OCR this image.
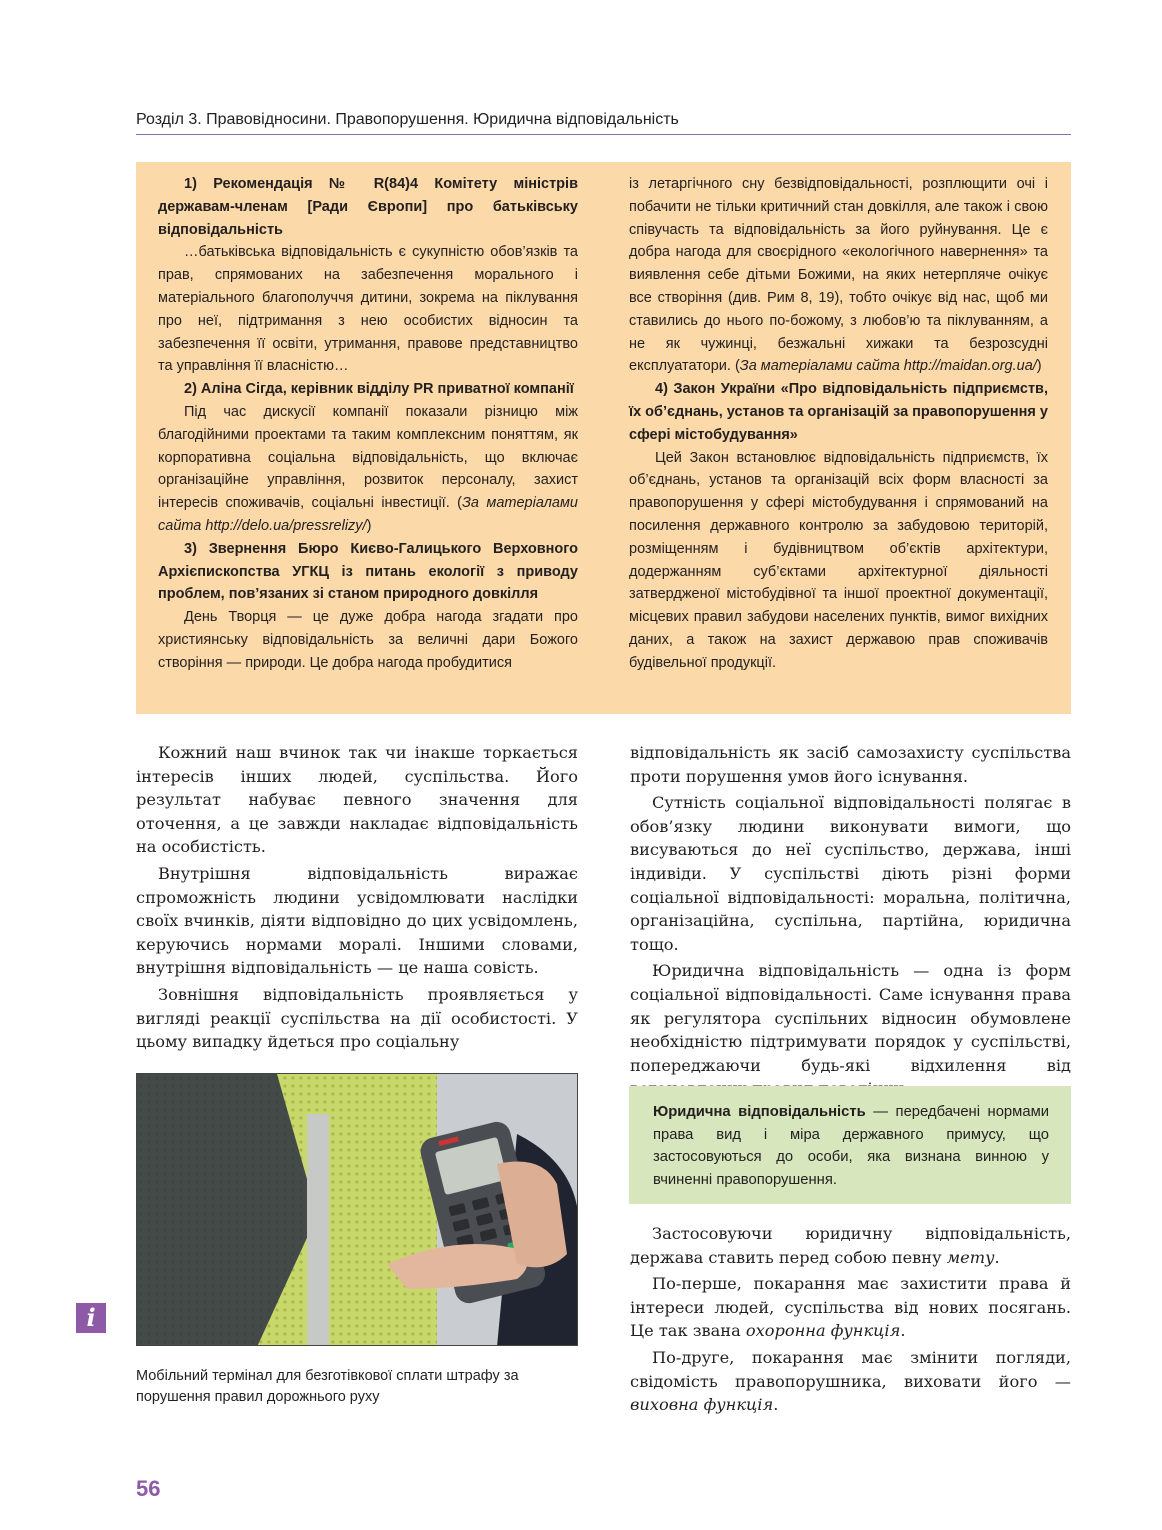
Розділ 3. Правовідносини. Правопорушення. Юридична відповідальність

1) Рекомендація № R(84)4 Комітету міністрів державам-членам [Ради Європи] про батьківську відповідальність

…батьківська відповідальність є сукупністю обов’язків та прав, спрямованих на забезпечення морального і матеріального благополуччя дитини, зокрема на піклування про неї, підтримання з нею особистих відносин та забезпечення її освіти, утримання, правове представництво та управління її власністю…

2) Аліна Сігда, керівник відділу PR приватної компанії

Під час дискусії компанії показали різницю між благодійними проектами та таким комплексним поняттям, як корпоративна соціальна відповідальність, що включає організаційне управління, розвиток персоналу, захист інтересів споживачів, соціальні інвестиції. (За матеріалами сайта http://delo.ua/pressrelizy/)

3) Звернення Бюро Києво-Галицького Верховного Архієпископства УГКЦ із питань екології з приводу проблем, пов’язаних зі станом природного довкілля

День Творця — це дуже добра нагода згадати про християнську відповідальність за величні дари Божого створіння — природи. Це добра нагода пробудитися

із летаргічного сну безвідповідальності, розплющити очі і побачити не тільки критичний стан довкілля, але також і свою співучасть та відповідальність за його руйнування. Це є добра нагода для своєрідного «екологічного навернення» та виявлення себе дітьми Божими, на яких нетерпляче очікує все створіння (див. Рим 8, 19), тобто очікує від нас, щоб ми ставились до нього по-божому, з любов’ю та піклуванням, а не як чужинці, безжальні хижаки та безрозсудні експлуататори. (За матеріалами сайта http://maidan.org.ua/)

4) Закон України «Про відповідальність підприємств, їх об’єднань, установ та організацій за правопорушення у сфері містобудування»

Цей Закон встановлює відповідальність підприємств, їх об’єднань, установ та організацій всіх форм власності за правопорушення у сфері містобудування і спрямований на посилення державного контролю за забудовою територій, розміщенням і будівництвом об’єктів архітектури, додержанням суб’єктами архітектурної діяльності затвердженої містобудівної та іншої проектної документації, місцевих правил забудови населених пунктів, вимог вихідних даних, а також на захист державою прав споживачів будівельної продукції.

Кожний наш вчинок так чи інакше торкається інтересів інших людей, суспільства. Його результат набуває певного значення для оточення, а це завжди накладає відповідальність на особистість.

Внутрішня відповідальність виражає спроможність людини усвідомлювати наслідки своїх вчинків, діяти відповідно до цих усвідомлень, керуючись нормами моралі. Іншими словами, внутрішня відповідальність — це наша совість.

Зовнішня відповідальність проявляється у вигляді реакції суспільства на дії особистості. У цьому випадку йдеться про соціальну

відповідальність як засіб самозахисту суспільства проти порушення умов його існування.

Сутність соціальної відповідальності полягає в обов’язку людини виконувати вимоги, що висуваються до неї суспільство, держава, інші індивіди. У суспільстві діють різні форми соціальної відповідальності: моральна, політична, організаційна, суспільна, партійна, юридична тощо.

Юридична відповідальність — одна із форм соціальної відповідальності. Саме існування права як регулятора суспільних відносин обумовлене необхідністю підтримувати порядок у суспільстві, попереджаючи будь-які відхилення від

Юридична відповідальність — передбачені нормами права вид і міра державного примусу, що застосовуються до особи, яка визнана винною у вчиненні правопорушення.

Застосовуючи юридичну відповідальність, держава ставить перед собою певну мету.

По-перше, покарання має захистити права й інтереси людей, суспільства від нових посягань. Це так звана охоронна функція.

По-друге, покарання має змінити погляди, свідомість правопорушника, виховати його — виховна функція.

Мобільний термінал для безготівкової сплати штрафу за порушення правил дорожнього руху
i
56
